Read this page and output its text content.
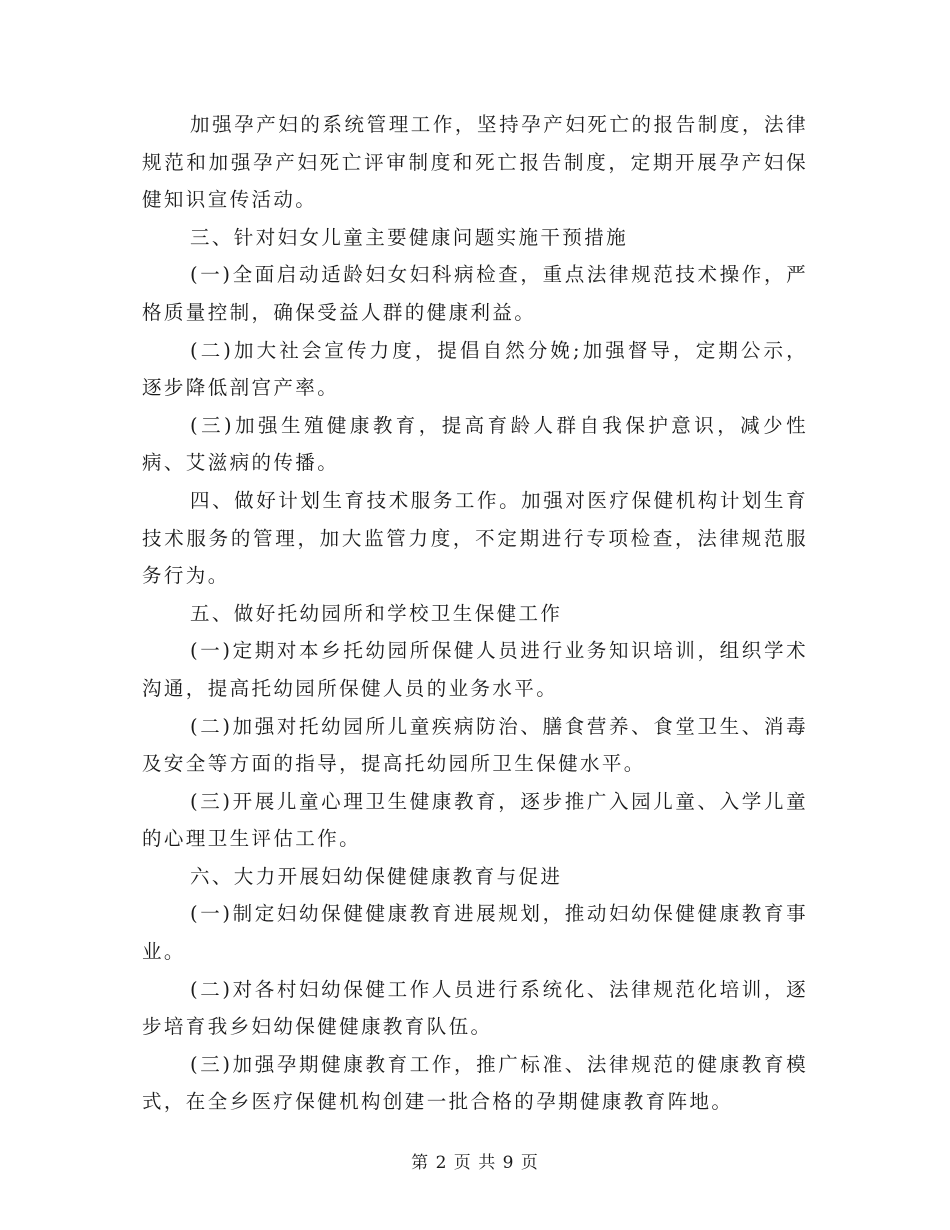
加强孕产妇的系统管理工作，坚持孕产妇死亡的报告制度，法律规范和加强孕产妇死亡评审制度和死亡报告制度，定期开展孕产妇保健知识宣传活动。

三、针对妇女儿童主要健康问题实施干预措施

(一)全面启动适龄妇女妇科病检查，重点法律规范技术操作，严格质量控制，确保受益人群的健康利益。

(二)加大社会宣传力度，提倡自然分娩;加强督导，定期公示，逐步降低剖宫产率。

(三)加强生殖健康教育，提高育龄人群自我保护意识，减少性病、艾滋病的传播。

四、做好计划生育技术服务工作。加强对医疗保健机构计划生育技术服务的管理，加大监管力度，不定期进行专项检查，法律规范服务行为。

五、做好托幼园所和学校卫生保健工作

(一)定期对本乡托幼园所保健人员进行业务知识培训，组织学术沟通，提高托幼园所保健人员的业务水平。

(二)加强对托幼园所儿童疾病防治、膳食营养、食堂卫生、消毒及安全等方面的指导，提高托幼园所卫生保健水平。

(三)开展儿童心理卫生健康教育，逐步推广入园儿童、入学儿童的心理卫生评估工作。

六、大力开展妇幼保健健康教育与促进

(一)制定妇幼保健健康教育进展规划，推动妇幼保健健康教育事业。

(二)对各村妇幼保健工作人员进行系统化、法律规范化培训，逐步培育我乡妇幼保健健康教育队伍。

(三)加强孕期健康教育工作，推广标准、法律规范的健康教育模式，在全乡医疗保健机构创建一批合格的孕期健康教育阵地。

第 2 页 共 9 页
